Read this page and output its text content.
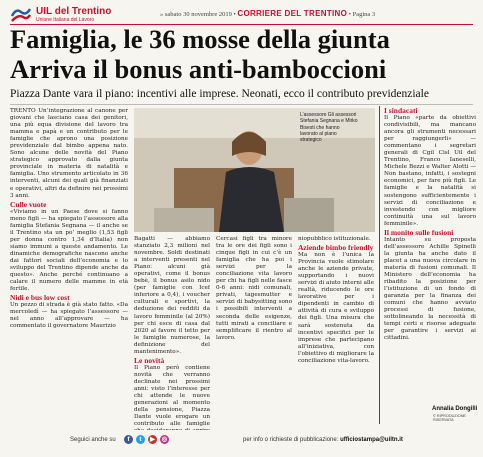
UIL del Trentino
Unione Italiana del Lavoro
» sabato 30 novembre 2019 • CORRIERE DEL TRENTINO • Pagina 3
Famiglia, le 36 mosse della giunta
Arriva il bonus anti-bamboccioni
Piazza Dante vara il piano: incentivi alle imprese. Neonati, ecco il contributo previdenziale

TRENTO Un’integrazione al canone per giovani che lasciano casa dei genitori, una più equa divisione del lavoro tra mamma e papà e un contributo per le famiglie che aprono una posizione previdenziale dal bimbo appena nato. Sono alcune delle novità del Piano strategico approvato dalla giunta provinciale in materia di natalità e famiglia. Uno strumento articolato in 36 interventi, alcuni dei quali già finanziati e operativi, altri da definire nei prossimi 3 anni.

Culle vuote

«Viviamo in un Paese dove si fanno meno figli — ha spiegato l’assessore alla famiglia Stefania Segnana — il anche se il Trentino sta un po’ meglio (1,53 figli per donna contro 1,34 d’Italia) non siamo immuni a queste andamento. Le dinamiche demografiche nascono anche dai fattori sociali dell’economia e lo sviluppo del Trentino dipende anche da questo». Anche perché continuano a calare il numero delle mamme in età fertile.

Nidi e bus low cost

Un pezzo di strada è già stato fatto. «Da mercoledì — ha spiegato l’assessore — nel anno all’approvare — ha commentato il governatore Maurizio

L’assessore Gli assessori Stefania Segnana e Mirko Bisesti che hanno lavorato al piano strategico

Bagatti — abbiamo stanziato 2,3 milioni nel novembre. Soldi destinati a interventi presenti nel Piano: alcuni già operativi, come il bonus bebè, il bonus asilo nido (per famiglie con Icef inferiore a 0,4), i voucher culturali e sportivi, la deduzione dei redditi da lavoro femminile (al 20%) per chi esce di casa dal 2020 al favore il tetto per le famiglie numerose, la definizione del mantenimento».

Le novità

Il Piano però contiene novità che verranno declinate nei prossimi anni: visto l’interesse per chi attende le nuove generazioni al momento della pensione, Piazza Dante vuole erogare un contributo alle famiglie

Cercasi figli tra minore tra le ore dei figli sono i cinque figli in cui c’è un famiglia che ha poi i servizi per la conciliazione vita lavoro per chi ha figli nelle fasce 0-6 anni: nidi comunali, privati, tagesmutter e servizi di babysitting sono i possibili interventi a seconda delle esigenze, tutti mirati a conciliare e semplificare il rientro al lavoro.

niopubblico istituzionale.

Aziende bimbo friendly

Ma non è l’unica la Provincia vuole stimolare anche le aziende private, supportando i nuovi servizi di aiuto interni alle realtà, riducendo le ore lavorative per i dipendenti in cambio di attività di cura e sviluppo dei figli. Una misura che sarà sostenuta da incentivi specifici per le imprese che partecipano all’iniziativa, con l’obiettivo di migliorare la conciliazione vita-lavoro.

I sindacati

Il Piano «parte da obiettivi condivisibili, ma mancano ancora gli strumenti necessari per raggiungerli» — commentano i segretari generali di Cgil Cisl Uil del Trentino, Franco Ianeselli, Michele Bezzi e Walter Alotti — Non bastano, infatti, i sostegni economici, per fare più figli. Le famiglie e la natalità si sostengono sufficientemente i servizi di conciliazione e investendo con migliore continuità una sul lavoro femminile».

Il monito sulle fusioni

Intanto su proposta dell’assessore Achille Spinelli la giunta ha anche dato il placet a una nuova circolare in materia di fusioni comunali. Il Ministero dell’economia ha ribadito la posizione per l’istituzione di un fondo di garanzia per la finanza dei comuni che hanno avviato processi di fusione, sottolineando la necessità di tempi certi e risorse adeguate per garantire i servizi ai cittadini.

Annalia Dongilli
© RIPRODUZIONE RISERVATA
Seguici anche su	f	t	▶	◎	per info o richieste di pubblicazione: ufficiostampa@uiltn.it
